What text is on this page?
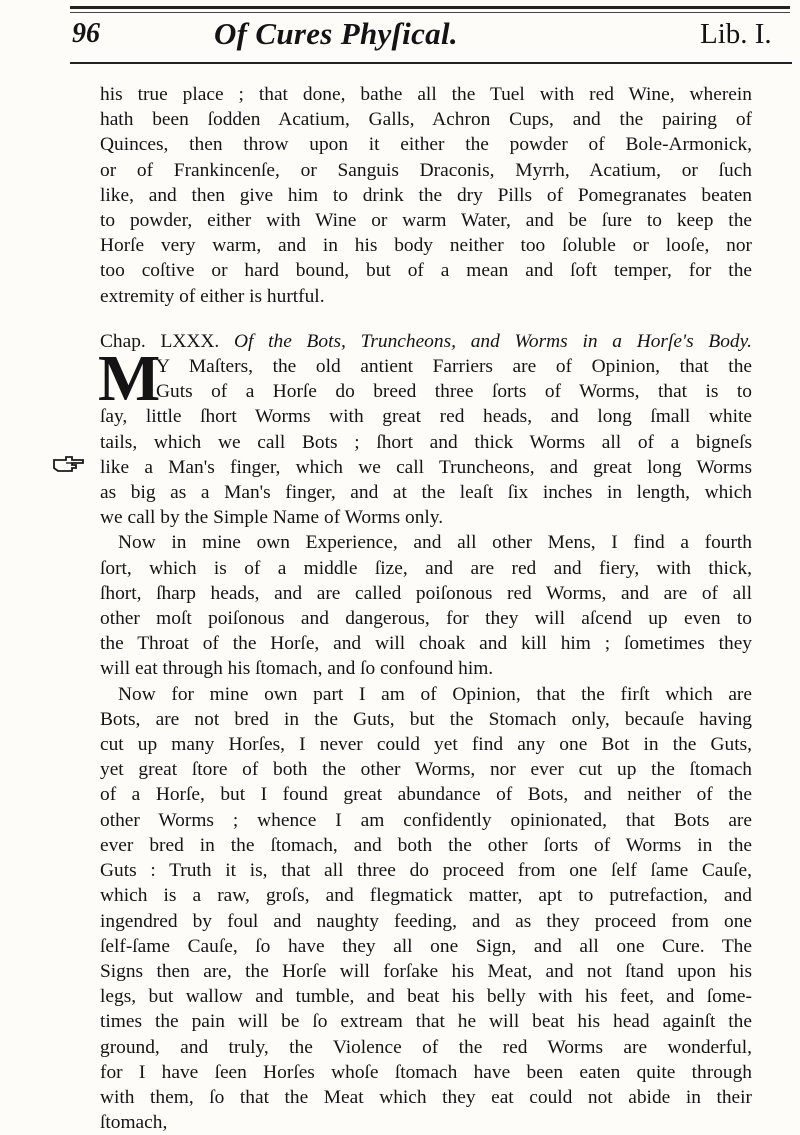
96	Of Cures Phyſical.	Lib. I.
his true place ; that done, bathe all the Tuel with red Wine, wherein
hath been ſodden Acatium, Galls, Achron Cups, and the pairing of
Quinces, then throw upon it either the powder of Bole-Armonick,
or of Frankincenſe, or Sanguis Draconis, Myrrh, Acatium, or ſuch
like, and then give him to drink the dry Pills of Pomegranates beaten
to powder, either with Wine or warm Water, and be ſure to keep the
Horſe very warm, and in his body neither too ſoluble or looſe, nor
too coſtive or hard bound, but of a mean and ſoft temper, for the
extremity of either is hurtful.
Chap. LXXX. Of the Bots, Truncheons, and Worms in a Horſe's Body.
M
Y Maſters, the old antient Farriers are of Opinion, that the
Guts of a Horſe do breed three ſorts of Worms, that is to
ſay, little ſhort Worms with great red heads, and long ſmall white
tails, which we call Bots ; ſhort and thick Worms all of a bigneſs
like a Man's finger, which we call Truncheons, and great long Worms
as big as a Man's finger, and at the leaſt ſix inches in length, which
we call by the Simple Name of Worms only.
Now in mine own Experience, and all other Mens, I find a fourth
ſort, which is of a middle ſize, and are red and fiery, with thick,
ſhort, ſharp heads, and are called poiſonous red Worms, and are of all
other moſt poiſonous and dangerous, for they will aſcend up even to
the Throat of the Horſe, and will choak and kill him ; ſometimes they
will eat through his ſtomach, and ſo confound him.
Now for mine own part I am of Opinion, that the firſt which are
Bots, are not bred in the Guts, but the Stomach only, becauſe having
cut up many Horſes, I never could yet find any one Bot in the Guts,
yet great ſtore of both the other Worms, nor ever cut up the ſtomach
of a Horſe, but I found great abundance of Bots, and neither of the
other Worms ; whence I am confidently opinionated, that Bots are
ever bred in the ſtomach, and both the other ſorts of Worms in the
Guts : Truth it is, that all three do proceed from one ſelf ſame Cauſe,
which is a raw, groſs, and flegmatick matter, apt to putrefaction, and
ingendred by foul and naughty feeding, and as they proceed from one
ſelf-ſame Cauſe, ſo have they all one Sign, and all one Cure. The
Signs then are, the Horſe will forſake his Meat, and not ſtand upon his
legs, but wallow and tumble, and beat his belly with his feet, and ſome-
times the pain will be ſo extream that he will beat his head againſt the
ground, and truly, the Violence of the red Worms are wonderful,
for I have ſeen Horſes whoſe ſtomach have been eaten quite through
with them, ſo that the Meat which they eat could not abide in their
ſtomach,
